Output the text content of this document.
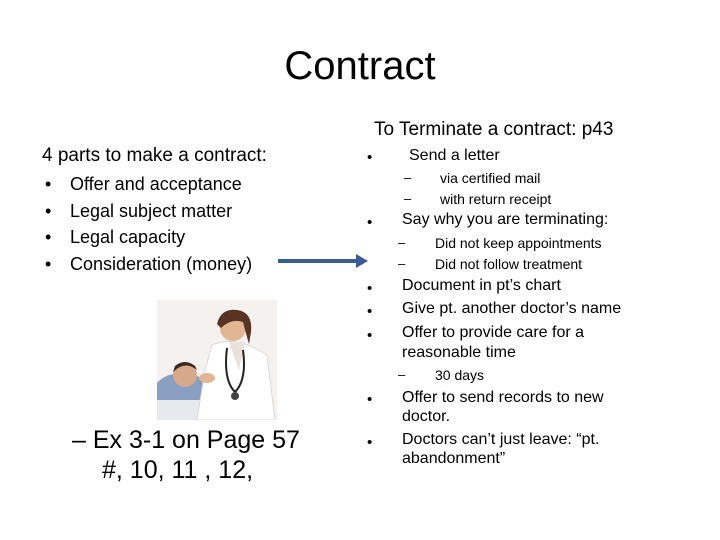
Contract
4 parts to make a contract:
• Offer and acceptance
• Legal subject matter
• Legal capacity
• Consideration (money)
– Ex 3-1 on Page 57
#, 10, 11 , 12,
To Terminate a contract: p43
• Send a letter
– via certified mail
– with return receipt
• Say why you are terminating:
– Did not keep appointments
– Did not follow treatment
• Document in pt’s chart
• Give pt. another doctor’s name
• Offer to provide care for a
reasonable time
– 30 days
• Offer to send records to new
doctor.
• Doctors can’t just leave: “pt.
abandonment”
